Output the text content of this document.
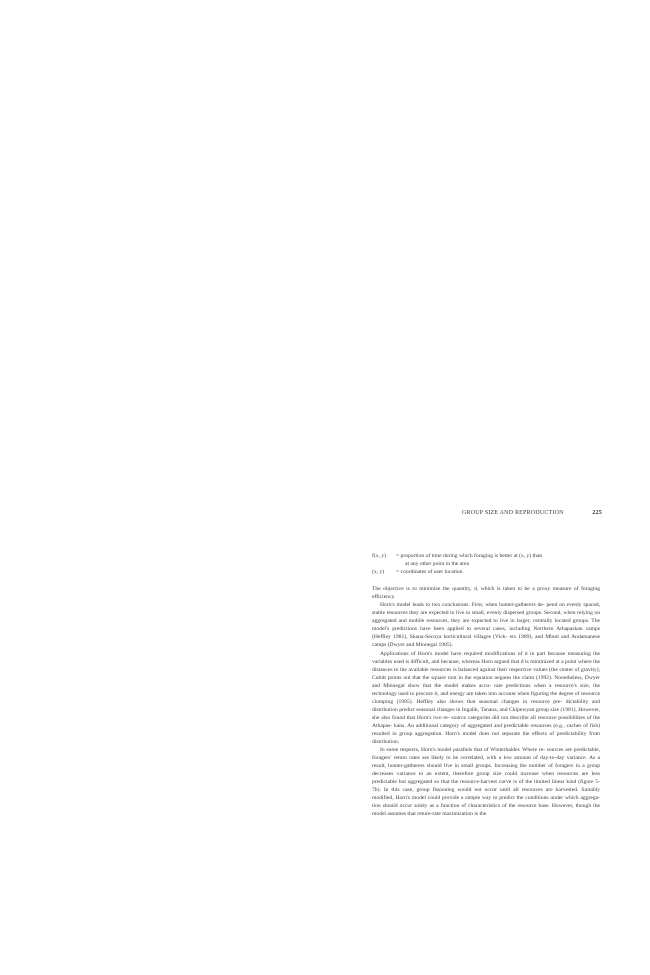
GROUP SIZE AND REPRODUCTION	225

f(x, y) = proportion of time during which foraging is better at (x, y) than

at any other point in the area

(x, y) = coordinates of user location

The objective is to minimize the quantity, d, which is taken to be a proxy measure of foraging efficiency.

Horn's model leads to two conclusions. First, when hunter-gatherers de- pend on evenly spaced, stable resources they are expected to live in small, evenly dispersed groups. Second, when relying on aggregated and mobile resources, they are expected to live in larger, centrally located groups. The model's predictions have been applied to several cases, including Northern Athapaskan camps (Heffley 1981), Skana-Secoya horticultural villages (Vick- ers 1989), and Mbuti and Andamanese camps (Dwyer and Minnegal 1985).

Applications of Horn's model have required modifications of it in part because measuring the variables used is difficult, and because, whereas Horn argued that d is minimized at a point where the distances to the available resources is balanced against their respective values (the center of gravity), Cubitt points out that the square root in the equation negates the claim (1992). Nonetheless, Dwyer and Minnegal show that the model makes accu- rate predictions when a resource's size, the technology used to procure it, and energy are taken into account when figuring the degree of resource clumping (1985). Heffley also shows that seasonal changes in resource pre- dictability and distribution predict seasonal changes in Ingalik, Tanana, and Chipewyan group size (1981). However, she also found that Horn's two re- source categories did not describe all resource possibilities of the Athapas- kans. An additional category of aggregated and predictable resources (e.g., caches of fish) resulted in group aggregation. Horn's model does not separate the effects of predictability from distribution.

In some respects, Horn's model parallels that of Winterhalder. Where re- sources are predictable, foragers' return rates are likely to be correlated, with a low amount of day-to-day variance. As a result, hunter-gatherers should live in small groups. Increasing the number of foragers in a group decreases variance to an extent, therefore group size could increase when resources are less predictable but aggregated so that the resource-harvest curve is of the limited linear kind (figure 5-7b). In this case, group fissioning would not occur until all resources are harvested. Suitably modified, Horn's model could provide a simple way to predict the conditions under which aggrega- tion should occur solely as a function of characteristics of the resource base. However, though the model assumes that return-rate maximization is the
